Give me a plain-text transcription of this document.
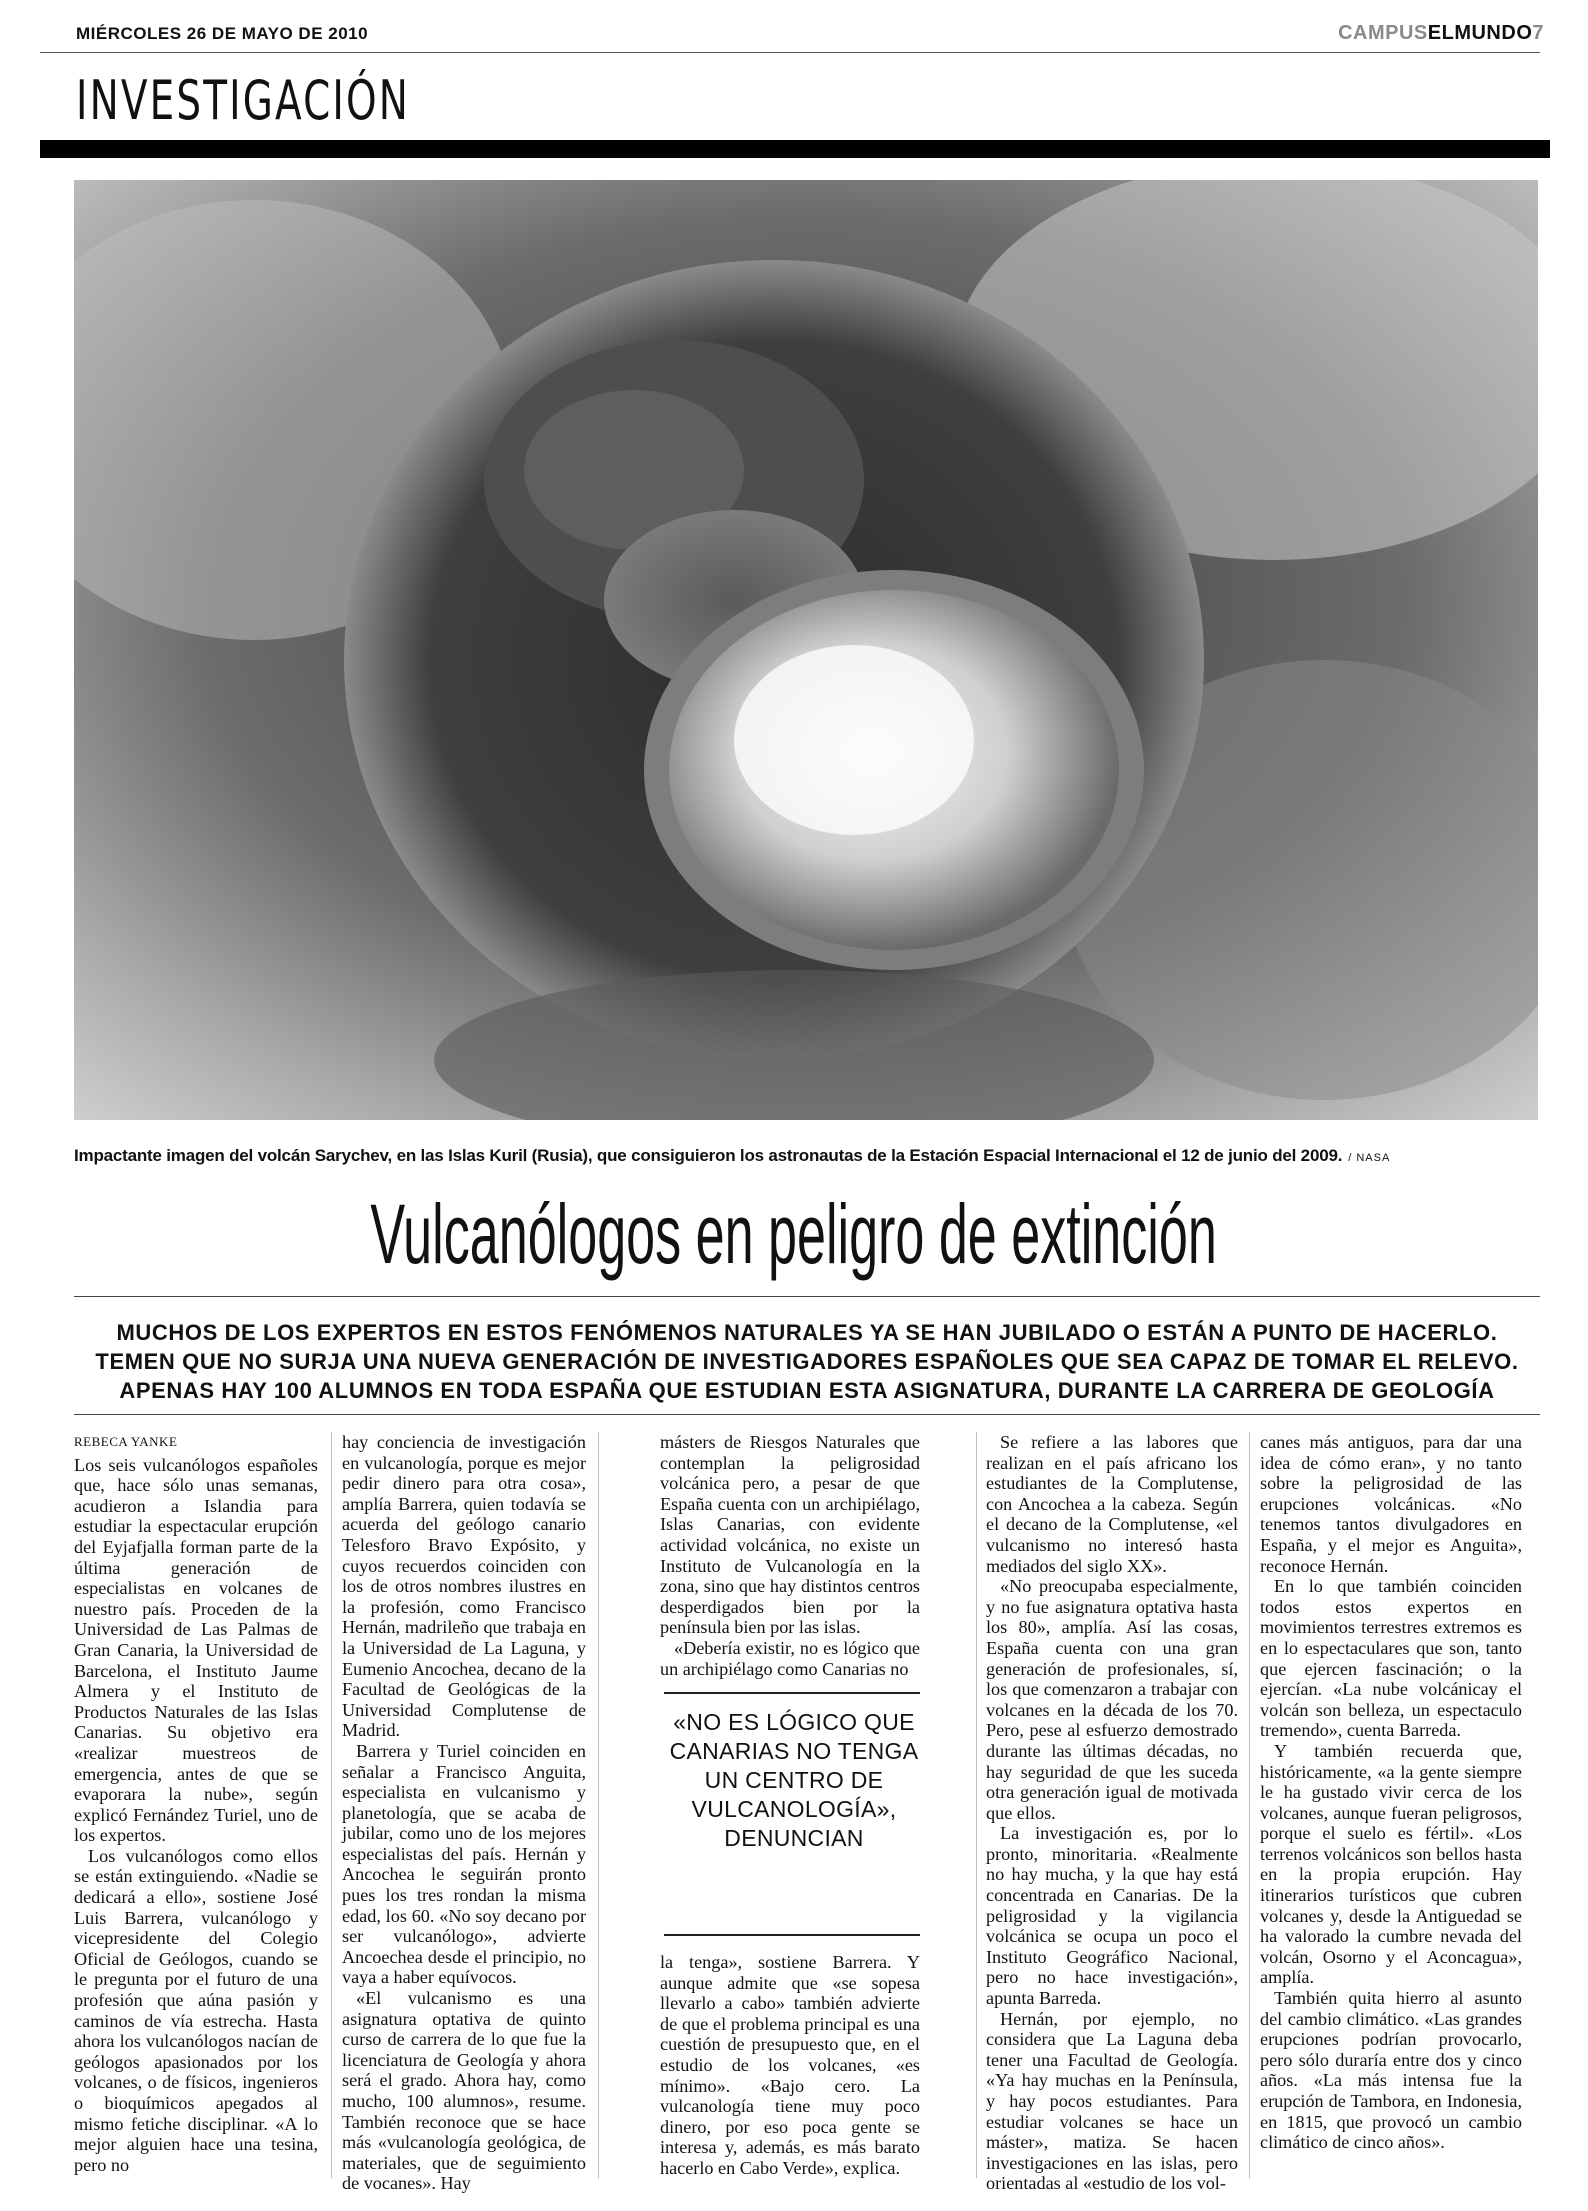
MIÉRCOLES 26 DE MAYO DE 2010	CAMPUSELMUNDO7
INVESTIGACIÓN
Impactante imagen del volcán Sarychev, en las Islas Kuril (Rusia), que consiguieron los astronautas de la Estación Espacial Internacional el 12 de junio del 2009. / NASA
Vulcanólogos en peligro de extinción
MUCHOS DE LOS EXPERTOS EN ESTOS FENÓMENOS NATURALES YA SE HAN JUBILADO O ESTÁN A PUNTO DE HACERLO.
TEMEN QUE NO SURJA UNA NUEVA GENERACIÓN DE INVESTIGADORES ESPAÑOLES QUE SEA CAPAZ DE TOMAR EL RELEVO.
APENAS HAY 100 ALUMNOS EN TODA ESPAÑA QUE ESTUDIAN ESTA ASIGNATURA, DURANTE LA CARRERA DE GEOLOGÍA
REBECA YANKE

Los seis vulcanólogos españoles que, hace sólo unas semanas, acudieron a Islandia para estudiar la espectacular erupción del Eyjafjalla forman parte de la última generación de especialistas en volcanes de nuestro país. Proceden de la Universidad de Las Palmas de Gran Canaria, la Universidad de Barcelona, el Instituto Jaume Almera y el Instituto de Productos Naturales de las Islas Canarias. Su objetivo era «realizar muestreos de emergencia, antes de que se evaporara la nube», según explicó Fernández Turiel, uno de los expertos.

Los vulcanólogos como ellos se están extinguiendo. «Nadie se dedicará a ello», sostiene José Luis Barrera, vulcanólogo y vicepresidente del Colegio Oficial de Geólogos, cuando se le pregunta por el futuro de una profesión que aúna pasión y caminos de vía estrecha. Hasta ahora los vulcanólogos nacían de geólogos apasionados por los volcanes, o de físicos, ingenieros o bioquímicos apegados al mismo fetiche disciplinar. «A lo mejor alguien hace una tesina, pero no

hay conciencia de investigación en vulcanología, porque es mejor pedir dinero para otra cosa», amplía Barrera, quien todavía se acuerda del geólogo canario Telesforo Bravo Expósito, y cuyos recuerdos coinciden con los de otros nombres ilustres en la profesión, como Francisco Hernán, madrileño que trabaja en la Universidad de La Laguna, y Eumenio Ancochea, decano de la Facultad de Geológicas de la Universidad Complutense de Madrid.

Barrera y Turiel coinciden en señalar a Francisco Anguita, especialista en vulcanismo y planetología, que se acaba de jubilar, como uno de los mejores especialistas del país. Hernán y Ancochea le seguirán pronto pues los tres rondan la misma edad, los 60. «No soy decano por ser vulcanólogo», advierte Ancoechea desde el principio, no vaya a haber equívocos.

«El vulcanismo es una asignatura optativa de quinto curso de carrera de lo que fue la licenciatura de Geología y ahora será el grado. Ahora hay, como mucho, 100 alumnos», resume. También reconoce que se hace más «vulcanología geológica, de materiales, que de seguimiento de vocanes». Hay

másters de Riesgos Naturales que contemplan la peligrosidad volcánica pero, a pesar de que España cuenta con un archipiélago, Islas Canarias, con evidente actividad volcánica, no existe un Instituto de Vulcanología en la zona, sino que hay distintos centros desperdigados bien por la península bien por las islas.

«Debería existir, no es lógico que un archipiélago como Canarias no

«NO ES LÓGICO QUE CANARIAS NO TENGA UN CENTRO DE VULCANOLOGÍA», DENUNCIAN

la tenga», sostiene Barrera. Y aunque admite que «se sopesa llevarlo a cabo» también advierte de que el problema principal es una cuestión de presupuesto que, en el estudio de los volcanes, «es mínimo». «Bajo cero. La vulcanología tiene muy poco dinero, por eso poca gente se interesa y, además, es más barato hacerlo en Cabo Verde», explica.

Se refiere a las labores que realizan en el país africano los estudiantes de la Complutense, con Ancochea a la cabeza. Según el decano de la Complutense, «el vulcanismo no interesó hasta mediados del siglo XX».

«No preocupaba especialmente, y no fue asignatura optativa hasta los 80», amplía. Así las cosas, España cuenta con una gran generación de profesionales, sí, los que comenzaron a trabajar con volcanes en la década de los 70. Pero, pese al esfuerzo demostrado durante las últimas décadas, no hay seguridad de que les suceda otra generación igual de motivada que ellos.

La investigación es, por lo pronto, minoritaria. «Realmente no hay mucha, y la que hay está concentrada en Canarias. De la peligrosidad y la vigilancia volcánica se ocupa un poco el Instituto Geográfico Nacional, pero no hace investigación», apunta Barreda.

Hernán, por ejemplo, no considera que La Laguna deba tener una Facultad de Geología. «Ya hay muchas en la Península, y hay pocos estudiantes. Para estudiar volcanes se hace un máster», matiza. Se hacen investigaciones en las islas, pero orientadas al «estudio de los vol-

canes más antiguos, para dar una idea de cómo eran», y no tanto sobre la peligrosidad de las erupciones volcánicas. «No tenemos tantos divulgadores en España, y el mejor es Anguita», reconoce Hernán.

En lo que también coinciden todos estos expertos en movimientos terrestres extremos es en lo espectaculares que son, tanto que ejercen fascinación; o la ejercían. «La nube volcánicay el volcán son belleza, un espectaculo tremendo», cuenta Barreda.

Y también recuerda que, históricamente, «a la gente siempre le ha gustado vivir cerca de los volcanes, aunque fueran peligrosos, porque el suelo es fértil». «Los terrenos volcánicos son bellos hasta en la propia erupción. Hay itinerarios turísticos que cubren volcanes y, desde la Antiguedad se ha valorado la cumbre nevada del volcán, Osorno y el Aconcagua», amplía.

También quita hierro al asunto del cambio climático. «Las grandes erupciones podrían provocarlo, pero sólo duraría entre dos y cinco años. «La más intensa fue la erupción de Tambora, en Indonesia, en 1815, que provocó un cambio climático de cinco años».
